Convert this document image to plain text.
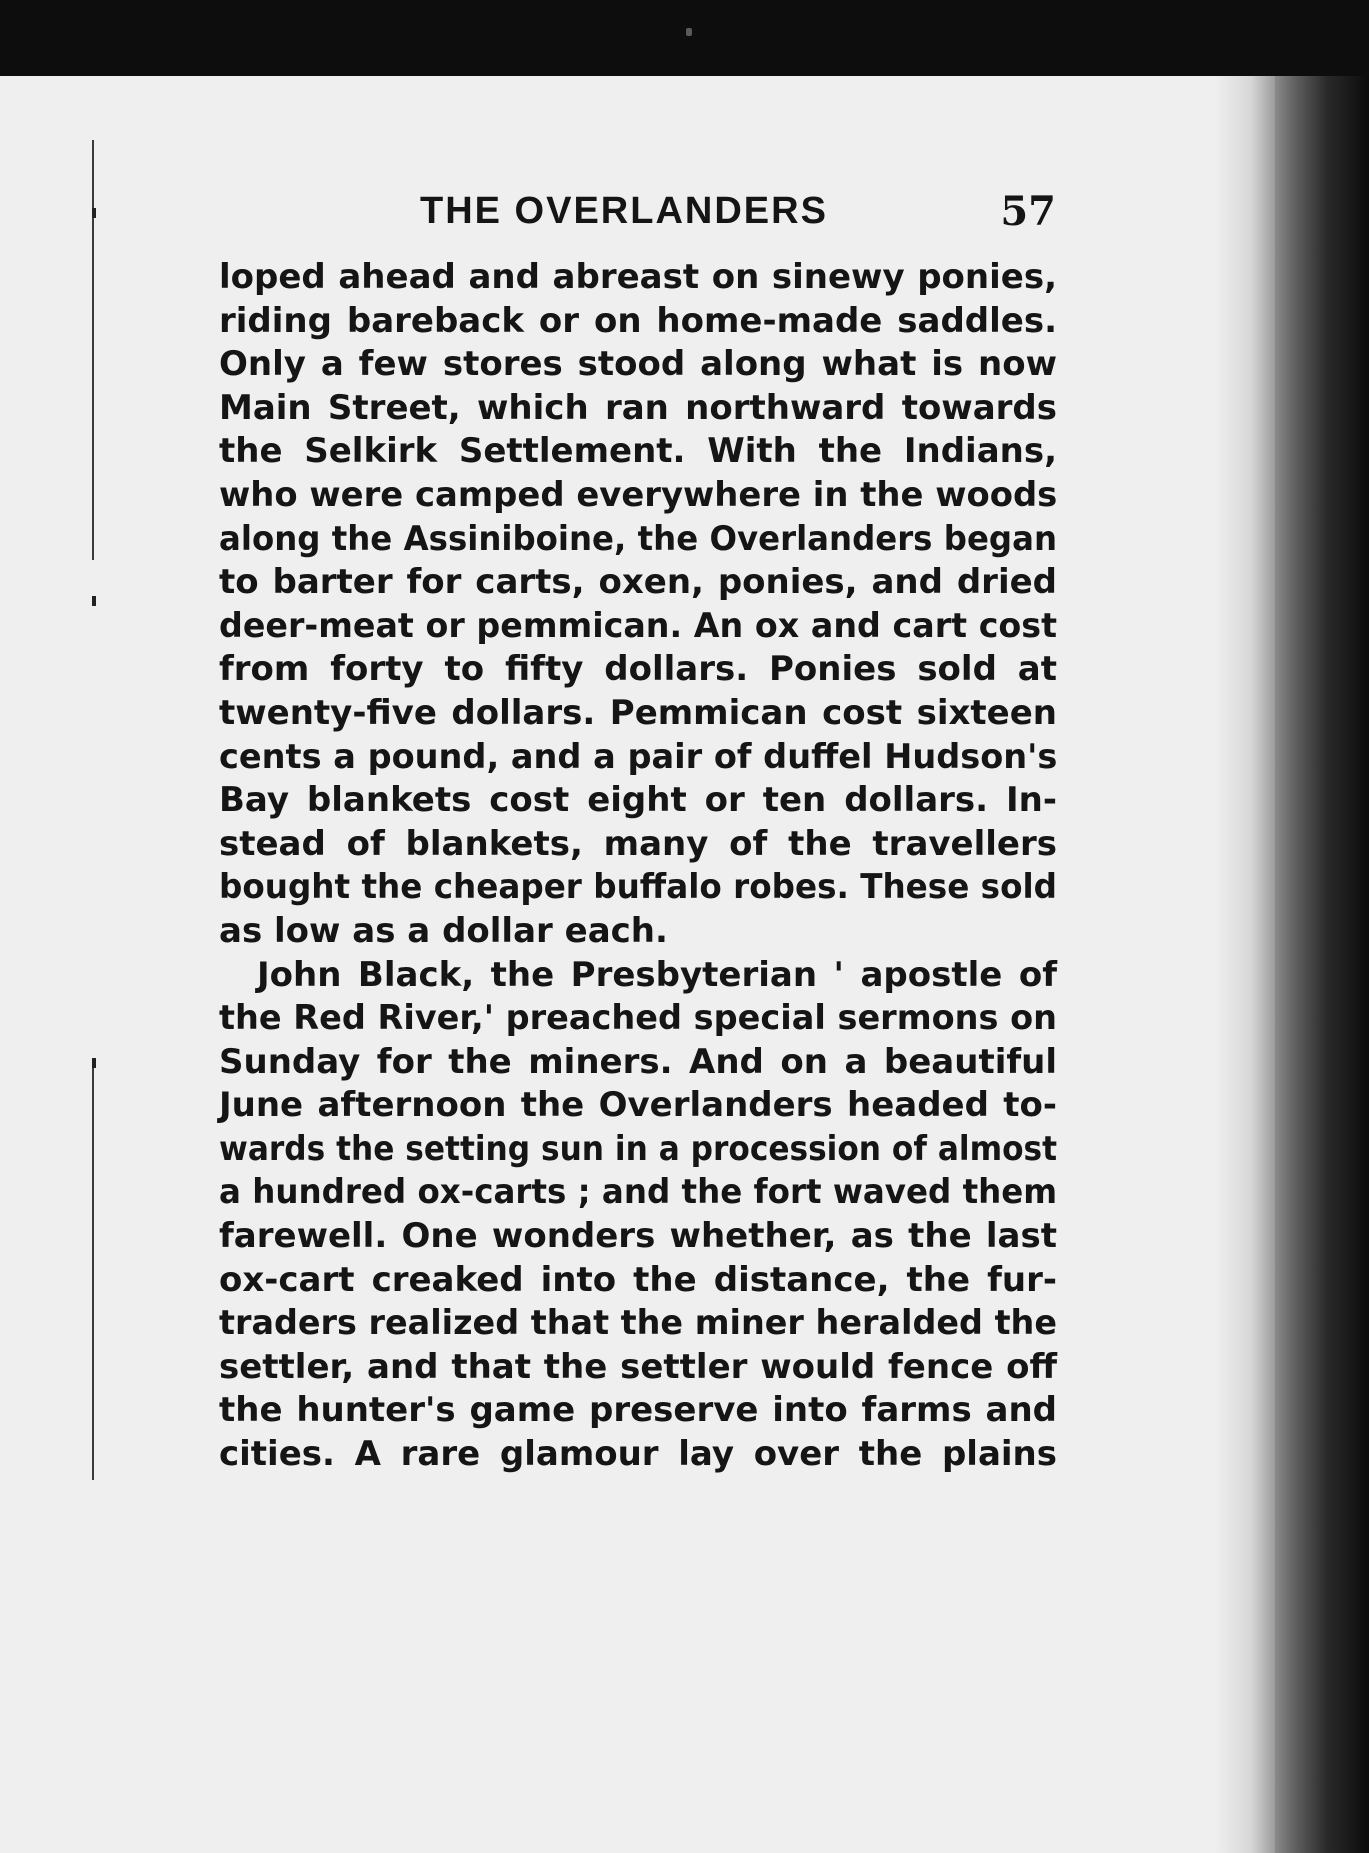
THE OVERLANDERS	57
loped ahead and abreast on sinewy ponies,
riding bareback or on home-made saddles.
Only a few stores stood along what is now
Main Street, which ran northward towards
the Selkirk Settlement. With the Indians,
who were camped everywhere in the woods
along the Assiniboine, the Overlanders began
to barter for carts, oxen, ponies, and dried
deer-meat or pemmican. An ox and cart cost
from forty to fifty dollars. Ponies sold at
twenty-five dollars. Pemmican cost sixteen
cents a pound, and a pair of duffel Hudson's
Bay blankets cost eight or ten dollars. In-
stead of blankets, many of the travellers
bought the cheaper buffalo robes. These sold
as low as a dollar each.
John Black, the Presbyterian ' apostle of
the Red River,' preached special sermons on
Sunday for the miners. And on a beautiful
June afternoon the Overlanders headed to-
wards the setting sun in a procession of almost
a hundred ox-carts ; and the fort waved them
farewell. One wonders whether, as the last
ox-cart creaked into the distance, the fur-
traders realized that the miner heralded the
settler, and that the settler would fence off
the hunter's game preserve into farms and
cities. A rare glamour lay over the plains
